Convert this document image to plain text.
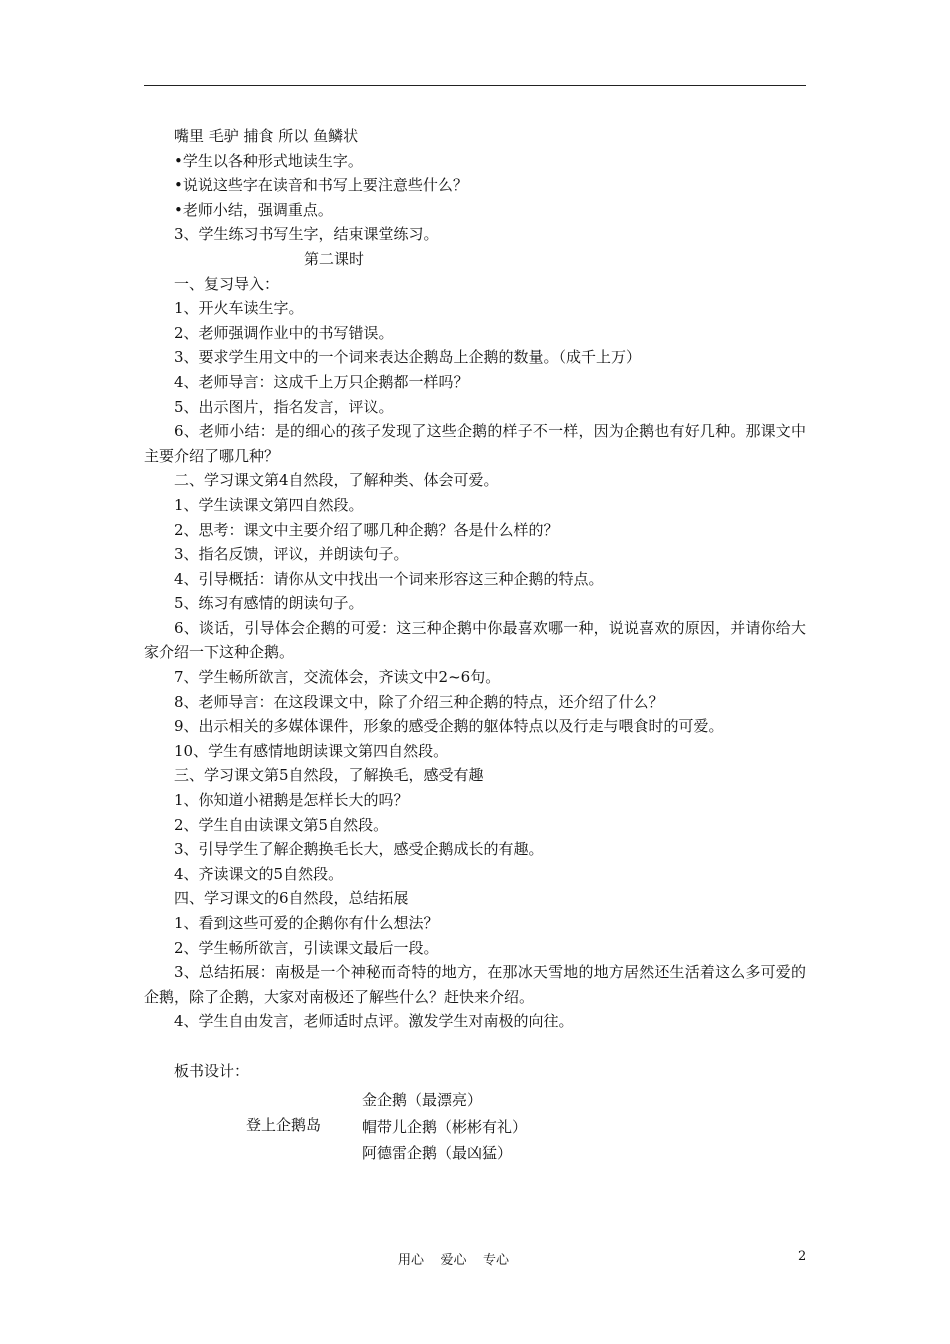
嘴里 毛驴 捕食 所以 鱼鳞状

•学生以各种形式地读生字。

•说说这些字在读音和书写上要注意些什么？

•老师小结，强调重点。

3、学生练习书写生字，结束课堂练习。

第二课时

一、复习导入：

1、开火车读生字。

2、老师强调作业中的书写错误。

3、要求学生用文中的一个词来表达企鹅岛上企鹅的数量。（成千上万）

4、老师导言：这成千上万只企鹅都一样吗？

5、出示图片，指名发言，评议。

6、老师小结：是的细心的孩子发现了这些企鹅的样子不一样，因为企鹅也有好几种。那课文中主要介绍了哪几种？

二、学习课文第4自然段，了解种类、体会可爱。

1、学生读课文第四自然段。

2、思考：课文中主要介绍了哪几种企鹅？各是什么样的？

3、指名反馈，评议，并朗读句子。

4、引导概括：请你从文中找出一个词来形容这三种企鹅的特点。

5、练习有感情的朗读句子。

6、谈话，引导体会企鹅的可爱：这三种企鹅中你最喜欢哪一种，说说喜欢的原因，并请你给大家介绍一下这种企鹅。

7、学生畅所欲言，交流体会，齐读文中2~6句。

8、老师导言：在这段课文中，除了介绍三种企鹅的特点，还介绍了什么？

9、出示相关的多媒体课件，形象的感受企鹅的躯体特点以及行走与喂食时的可爱。

10、学生有感情地朗读课文第四自然段。

三、学习课文第5自然段，了解换毛，感受有趣

1、你知道小裙鹅是怎样长大的吗？

2、学生自由读课文第5自然段。

3、引导学生了解企鹅换毛长大，感受企鹅成长的有趣。

4、齐读课文的5自然段。

四、学习课文的6自然段，总结拓展

1、看到这些可爱的企鹅你有什么想法？

2、学生畅所欲言，引读课文最后一段。

3、总结拓展：南极是一个神秘而奇特的地方，在那冰天雪地的地方居然还生活着这么多可爱的企鹅，除了企鹅，大家对南极还了解些什么？赶快来介绍。

4、学生自由发言，老师适时点评。激发学生对南极的向往。

板书设计：

登上企鹅岛
金企鹅（最漂亮）
帽带儿企鹅（彬彬有礼）
阿德雷企鹅（最凶猛）
用心    爱心    专心	2
